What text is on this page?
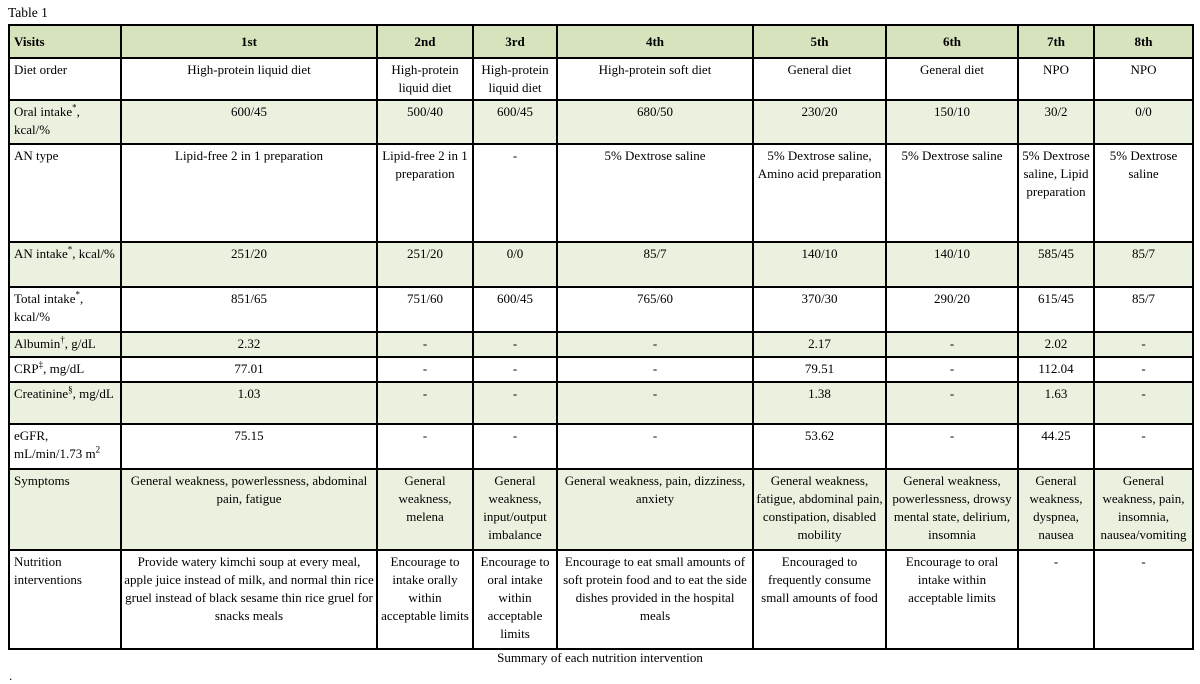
Table 1
Visits	1st	2nd	3rd	4th	5th	6th	7th	8th
Diet order	High-protein liquid diet	High-protein liquid diet	High-protein liquid diet	High-protein soft diet	General diet	General diet	NPO	NPO
Oral intake*, kcal/%	600/45	500/40	600/45	680/50	230/20	150/10	30/2	0/0
AN type	Lipid-free 2 in 1 preparation	Lipid-free 2 in 1 preparation	-	5% Dextrose saline	5% Dextrose saline, Amino acid preparation	5% Dextrose saline	5% Dextrose saline, Lipid preparation	5% Dextrose saline
AN intake*, kcal/%	251/20	251/20	0/0	85/7	140/10	140/10	585/45	85/7
Total intake*, kcal/%	851/65	751/60	600/45	765/60	370/30	290/20	615/45	85/7
Albumin†, g/dL	2.32	-	-	-	2.17	-	2.02	-
CRP‡, mg/dL	77.01	-	-	-	79.51	-	112.04	-
Creatinine§, mg/dL	1.03	-	-	-	1.38	-	1.63	-
eGFR, mL/min/1.73 $m^2$	75.15	-	-	-	53.62	-	44.25	-
Symptoms	General weakness, powerlessness, abdominal pain, fatigue	General weakness, melena	General weakness, input/output imbalance	General weakness, pain, dizziness, anxiety	General weakness, fatigue, abdominal pain, constipation, disabled mobility	General weakness, powerlessness, drowsy mental state, delirium, insomnia	General weakness, dyspnea, nausea	General weakness, pain, insomnia, nausea/vomiting
Nutrition interventions	Provide watery kimchi soup at every meal, apple juice instead of milk, and normal thin rice gruel instead of black sesame thin rice gruel for snacks meals	Encourage to intake orally within acceptable limits	Encourage to oral intake within acceptable limits	Encourage to eat small amounts of soft protein food and to eat the side dishes provided in the hospital meals	Encouraged to frequently consume small amounts of food	Encourage to oral intake within acceptable limits	-	-
Summary of each nutrition intervention
.
